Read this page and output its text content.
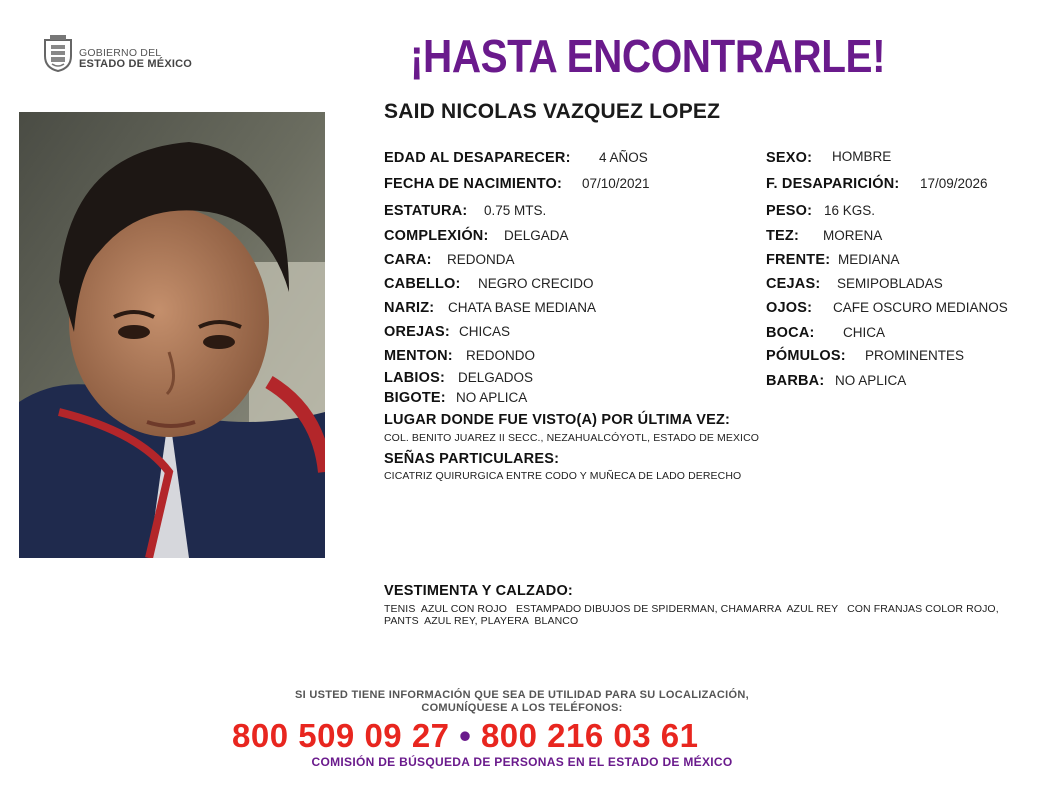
GOBIERNO DEL
ESTADO DE MÉXICO	¡HASTA ENCONTRARLE!
SAID NICOLAS VAZQUEZ LOPEZ
EDAD AL DESAPARECER: 4 AÑOS
FECHA DE NACIMIENTO: 07/10/2021
ESTATURA: 0.75 MTS.
COMPLEXIÓN: DELGADA
CARA: REDONDA
CABELLO: NEGRO CRECIDO
NARIZ: CHATA BASE MEDIANA
OREJAS: CHICAS
MENTON: REDONDO
LABIOS: DELGADOS
BIGOTE: NO APLICA
SEXO: HOMBRE
F. DESAPARICIÓN: 17/09/2026
PESO: 16 KGS.
TEZ: MORENA
FRENTE: MEDIANA
CEJAS: SEMIPOBLADAS
OJOS: CAFE OSCURO MEDIANOS
BOCA: CHICA
PÓMULOS: PROMINENTES
BARBA: NO APLICA
LUGAR DONDE FUE VISTO(A) POR ÚLTIMA VEZ:
COL. BENITO JUAREZ II SECC., NEZAHUALCÓYOTL, ESTADO DE MEXICO
SEÑAS PARTICULARES:
CICATRIZ QUIRURGICA ENTRE CODO Y MUÑECA DE LADO DERECHO
VESTIMENTA Y CALZADO:
TENIS  AZUL CON ROJO   ESTAMPADO DIBUJOS DE SPIDERMAN, CHAMARRA  AZUL REY   CON FRANJAS COLOR ROJO,
PANTS  AZUL REY, PLAYERA  BLANCO
SI USTED TIENE INFORMACIÓN QUE SEA DE UTILIDAD PARA SU LOCALIZACIÓN,
COMUNÍQUESE A LOS TELÉFONOS:
800 509 09 27 • 800 216 03 61
COMISIÓN DE BÚSQUEDA DE PERSONAS EN EL ESTADO DE MÉXICO
